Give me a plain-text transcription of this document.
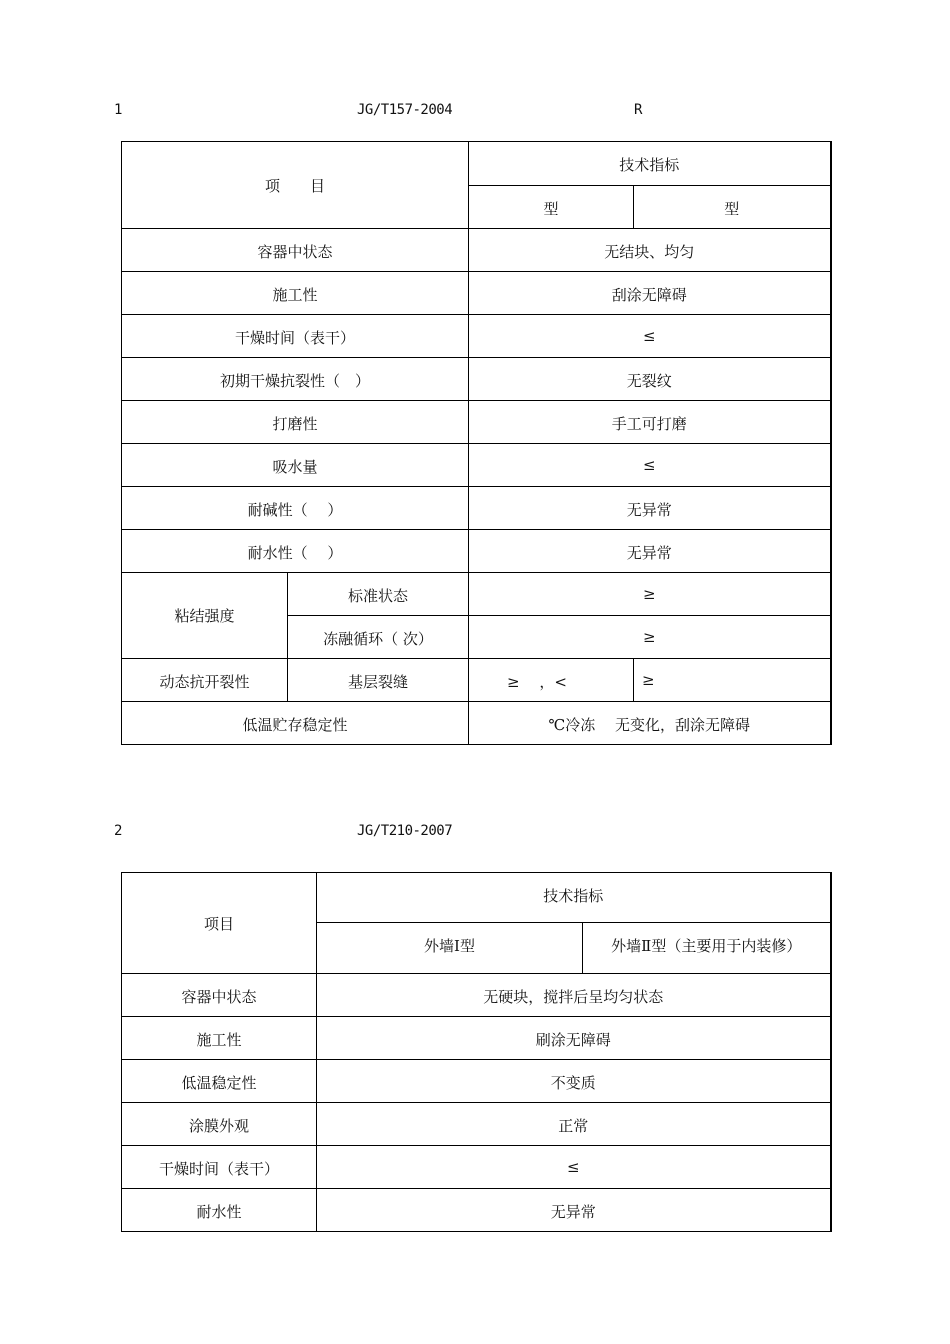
1	JG/T157-2004	R

项　　目		技术指标	
		型	型
容器中状态		无结块、均匀	
施工性		刮涂无障碍	
干燥时间（表干）		≤	
初期干燥抗裂性（　）		无裂纹	
打磨性		手工可打磨	
吸水量		≤	
耐碱性（　 ）		无异常	
耐水性（　 ）		无异常	
粘结强度	标准状态	≥	
	冻融循环（ 次）	≥	
动态抗开裂性	基层裂缝	≥　 ，<	≥
低温贮存稳定性		℃冷冻　 无变化，刮涂无障碍	

2	JG/T210-2007

项目	技术指标	
	外墙Ⅰ型	外墙Ⅱ型（主要用于内装修）
容器中状态	无硬块，搅拌后呈均匀状态	
施工性	刷涂无障碍	
低温稳定性	不变质	
涂膜外观	正常	
干燥时间（表干）	≤	
耐水性	无异常	
